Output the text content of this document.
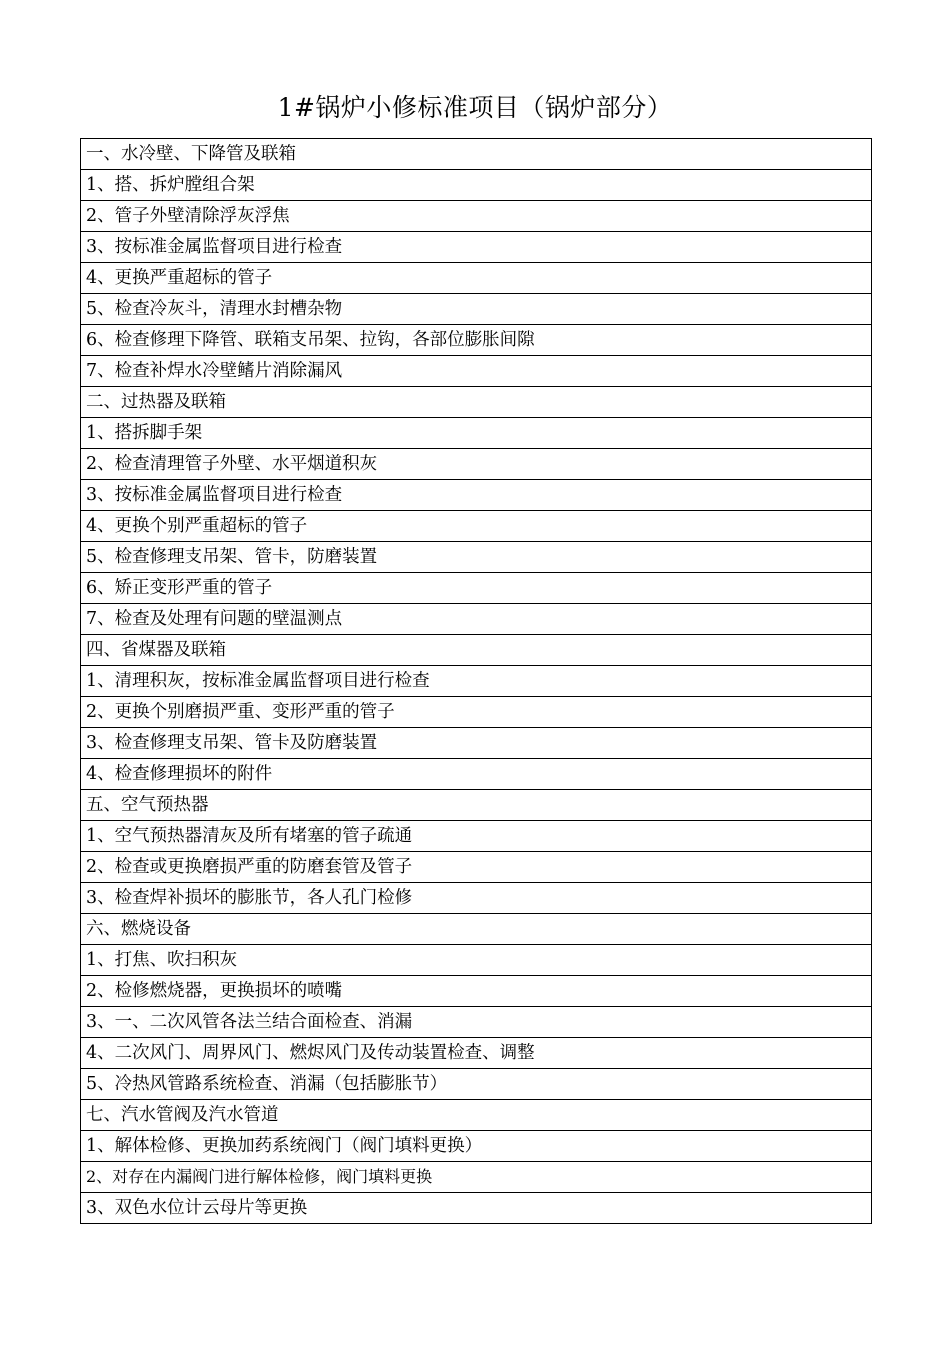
1#锅炉小修标准项目（锅炉部分）
一、水冷壁、下降管及联箱
1、搭、拆炉膛组合架
2、管子外壁清除浮灰浮焦
3、按标准金属监督项目进行检查
4、更换严重超标的管子
5、检查冷灰斗，清理水封槽杂物
6、检查修理下降管、联箱支吊架、拉钩，各部位膨胀间隙
7、检查补焊水冷壁鳍片消除漏风
二、过热器及联箱
1、搭拆脚手架
2、检查清理管子外壁、水平烟道积灰
3、按标准金属监督项目进行检查
4、更换个别严重超标的管子
5、检查修理支吊架、管卡，防磨装置
6、矫正变形严重的管子
7、检查及处理有问题的壁温测点
四、省煤器及联箱
1、清理积灰，按标准金属监督项目进行检查
2、更换个别磨损严重、变形严重的管子
3、检查修理支吊架、管卡及防磨装置
4、检查修理损坏的附件
五、空气预热器
1、空气预热器清灰及所有堵塞的管子疏通
2、检查或更换磨损严重的防磨套管及管子
3、检查焊补损坏的膨胀节，各人孔门检修
六、燃烧设备
1、打焦、吹扫积灰
2、检修燃烧器，更换损坏的喷嘴
3、一、二次风管各法兰结合面检查、消漏
4、二次风门、周界风门、燃烬风门及传动装置检查、调整
5、冷热风管路系统检查、消漏（包括膨胀节）
七、汽水管阀及汽水管道
1、解体检修、更换加药系统阀门（阀门填料更换）
2、对存在内漏阀门进行解体检修，阀门填料更换
3、双色水位计云母片等更换
